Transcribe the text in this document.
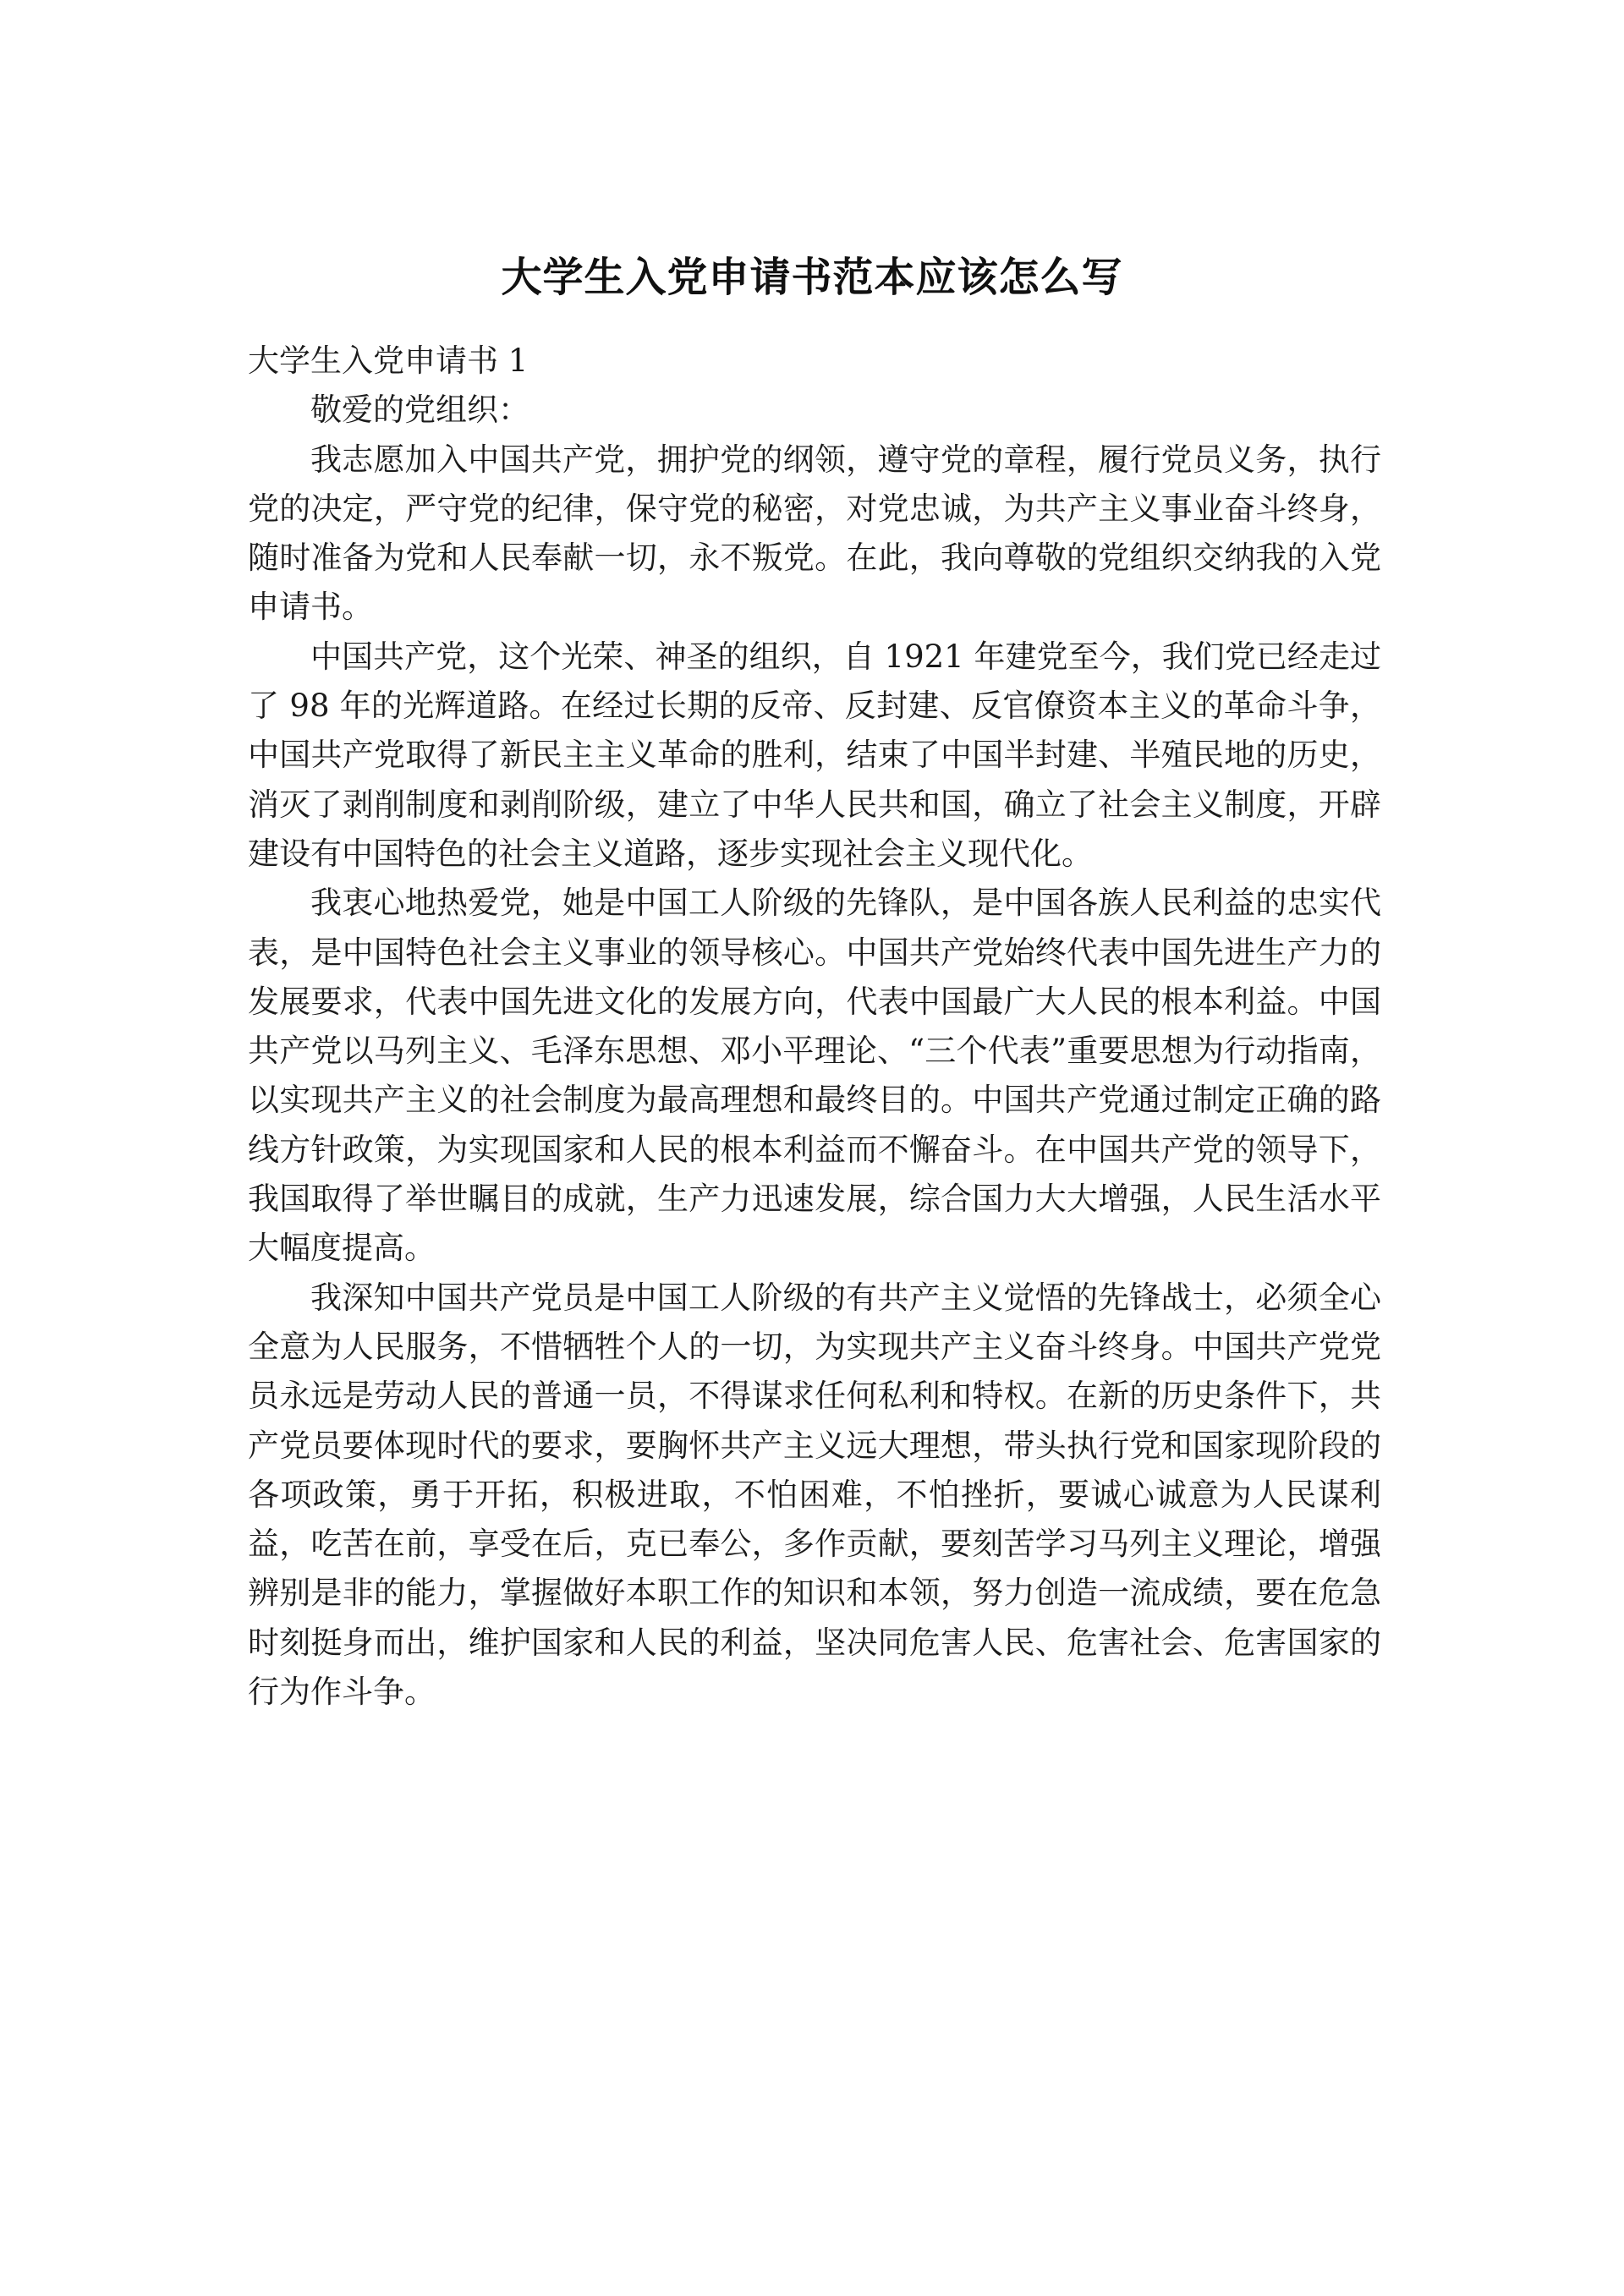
大学生入党申请书范本应该怎么写

大学生入党申请书 1

敬爱的党组织：

我志愿加入中国共产党，拥护党的纲领，遵守党的章程，履行党员义务，执行党的决定，严守党的纪律，保守党的秘密，对党忠诚，为共产主义事业奋斗终身，随时准备为党和人民奉献一切，永不叛党。在此，我向尊敬的党组织交纳我的入党申请书。

中国共产党，这个光荣、神圣的组织，自 1921 年建党至今，我们党已经走过了 98 年的光辉道路。在经过长期的反帝、反封建、反官僚资本主义的革命斗争，中国共产党取得了新民主主义革命的胜利，结束了中国半封建、半殖民地的历史，消灭了剥削制度和剥削阶级，建立了中华人民共和国，确立了社会主义制度，开辟建设有中国特色的社会主义道路，逐步实现社会主义现代化。

我衷心地热爱党，她是中国工人阶级的先锋队，是中国各族人民利益的忠实代表，是中国特色社会主义事业的领导核心。中国共产党始终代表中国先进生产力的发展要求，代表中国先进文化的发展方向，代表中国最广大人民的根本利益。中国共产党以马列主义、毛泽东思想、邓小平理论、“三个代表”重要思想为行动指南，以实现共产主义的社会制度为最高理想和最终目的。中国共产党通过制定正确的路线方针政策，为实现国家和人民的根本利益而不懈奋斗。在中国共产党的领导下，我国取得了举世瞩目的成就，生产力迅速发展，综合国力大大增强，人民生活水平大幅度提高。

我深知中国共产党员是中国工人阶级的有共产主义觉悟的先锋战士，必须全心全意为人民服务，不惜牺牲个人的一切，为实现共产主义奋斗终身。中国共产党党员永远是劳动人民的普通一员，不得谋求任何私利和特权。在新的历史条件下，共产党员要体现时代的要求，要胸怀共产主义远大理想，带头执行党和国家现阶段的各项政策，勇于开拓，积极进取，不怕困难，不怕挫折，要诚心诚意为人民谋利益，吃苦在前，享受在后，克已奉公，多作贡献，要刻苦学习马列主义理论，增强辨别是非的能力，掌握做好本职工作的知识和本领，努力创造一流成绩，要在危急时刻挺身而出，维护国家和人民的利益，坚决同危害人民、危害社会、危害国家的行为作斗争。
